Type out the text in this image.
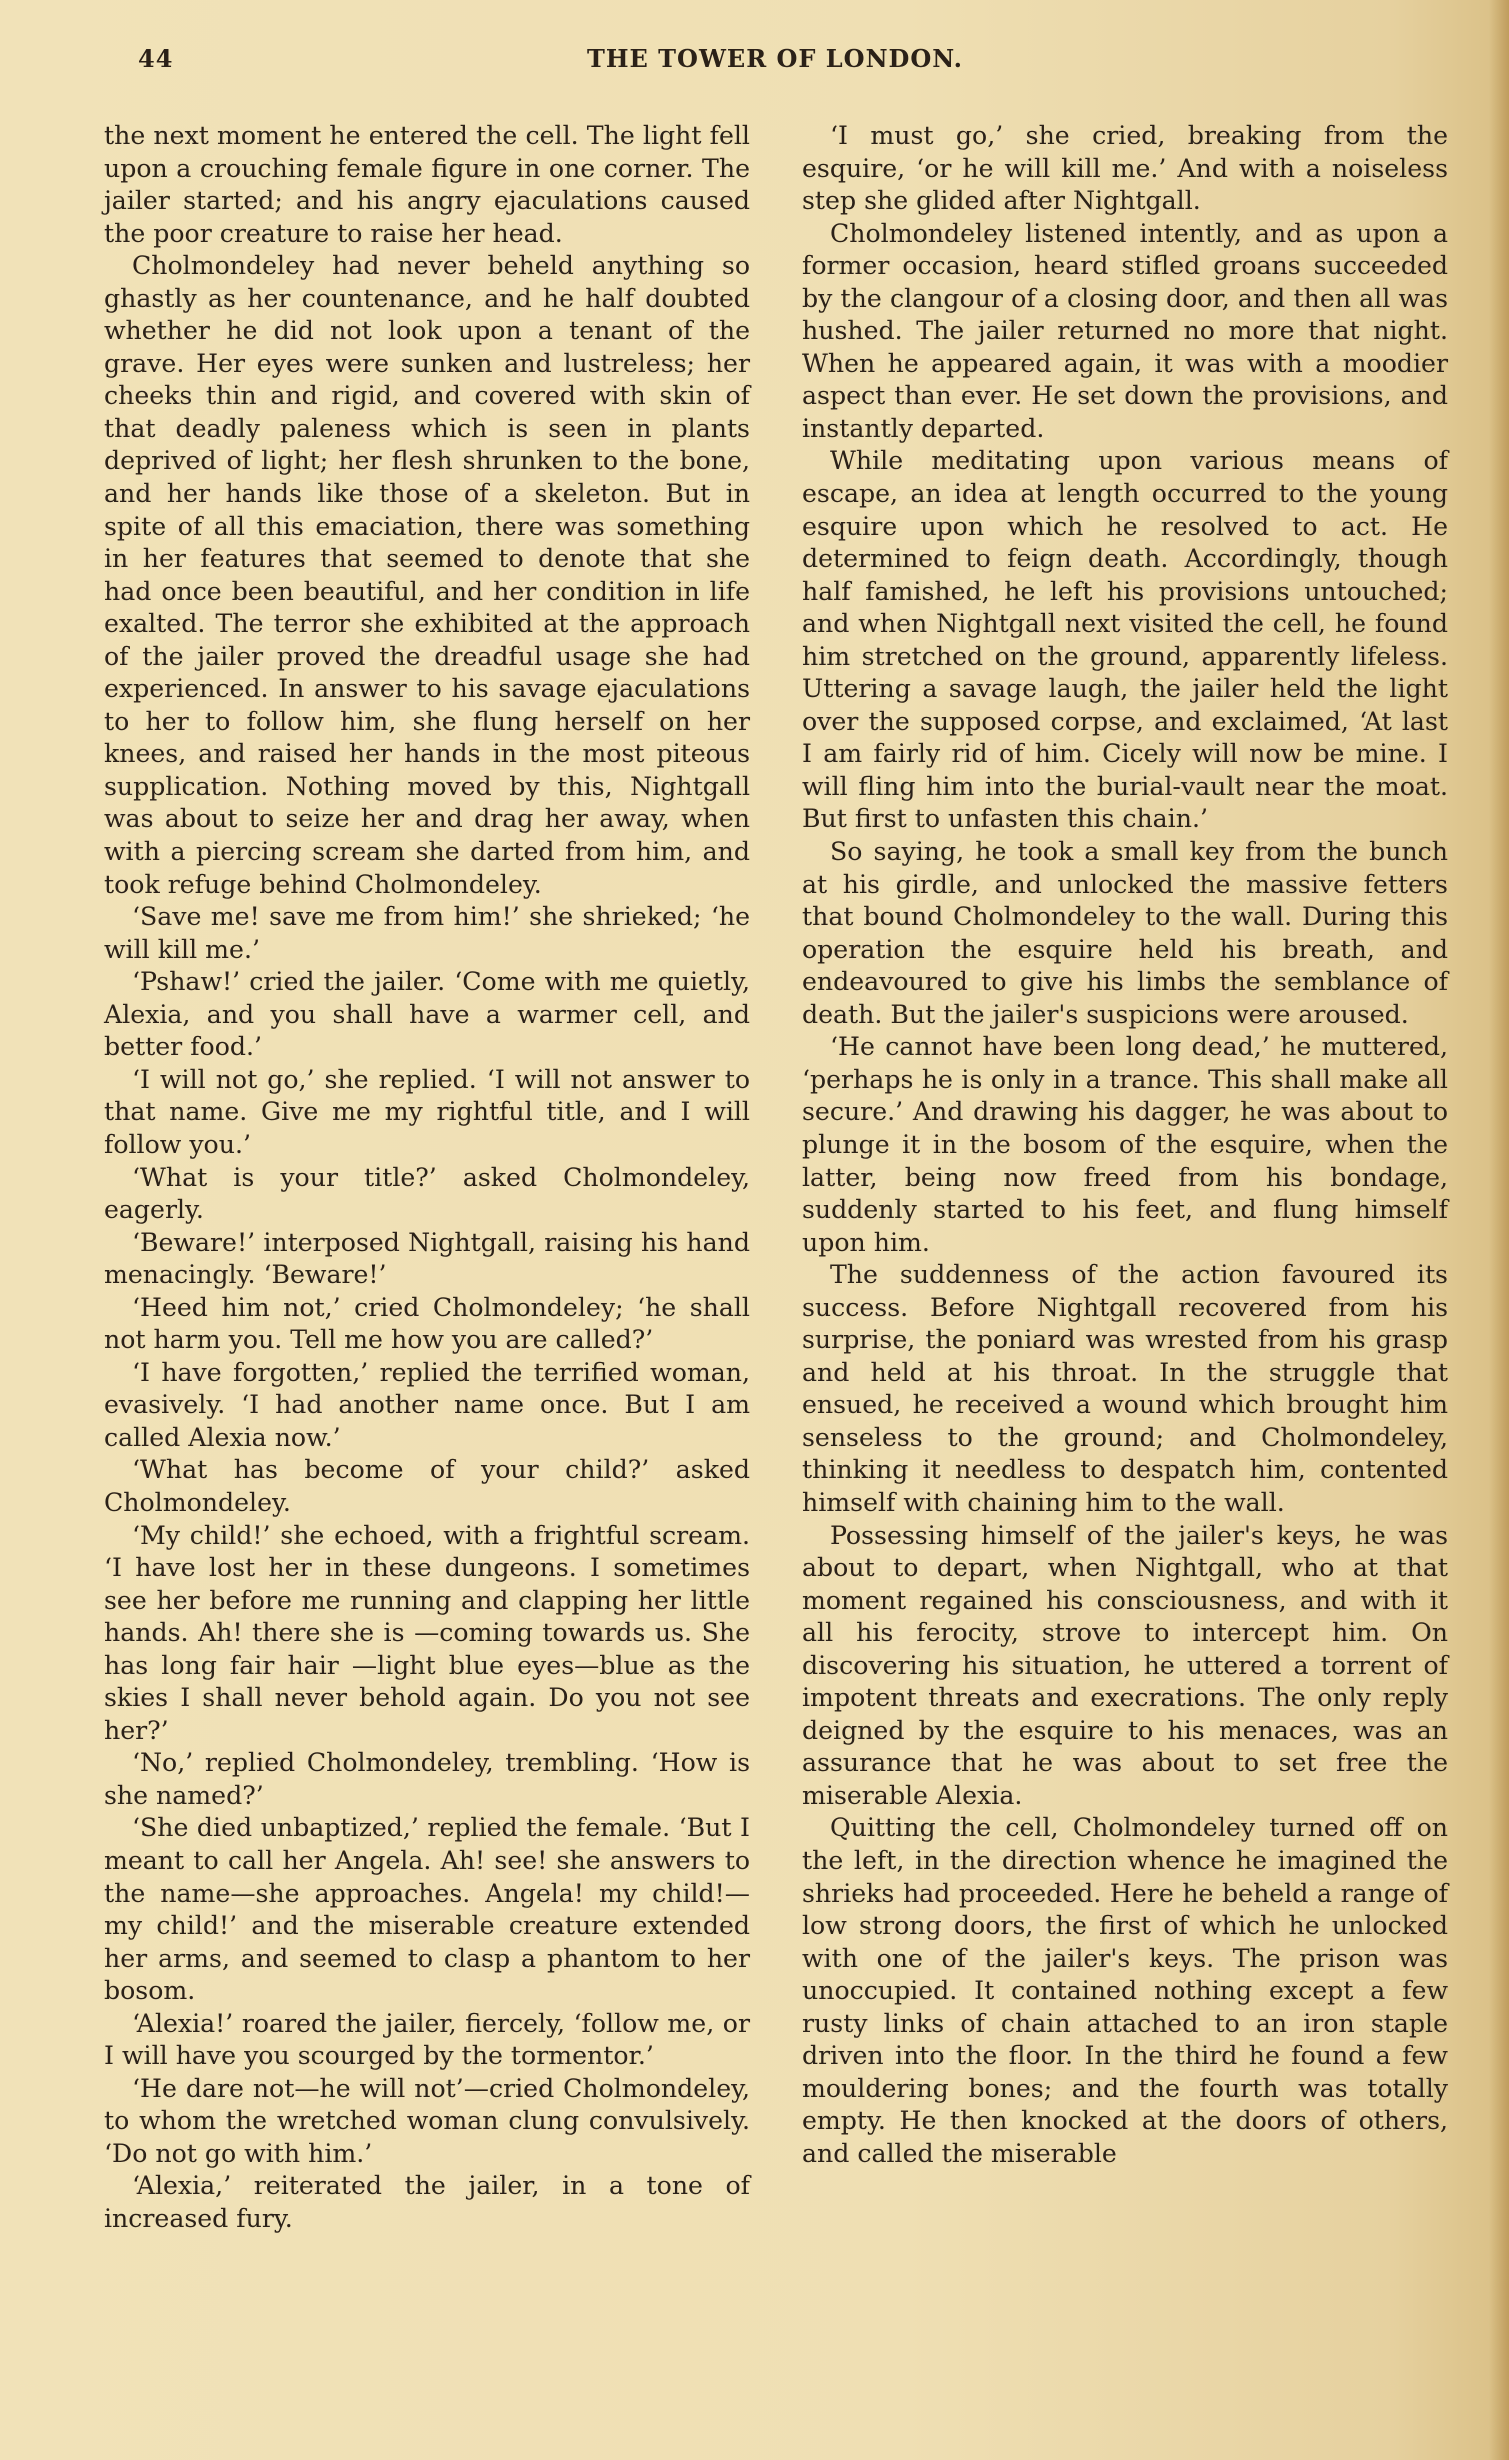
44	THE TOWER OF LONDON.

the next moment he entered the cell. The light fell upon a crouching female figure in one corner. The jailer started; and his angry ejaculations caused the poor creature to raise her head.

Cholmondeley had never beheld anything so ghastly as her countenance, and he half doubted whether he did not look upon a tenant of the grave. Her eyes were sunken and lustreless; her cheeks thin and rigid, and covered with skin of that deadly paleness which is seen in plants deprived of light; her flesh shrunken to the bone, and her hands like those of a skeleton. But in spite of all this emaciation, there was something in her features that seemed to denote that she had once been beautiful, and her condition in life exalted. The terror she exhibited at the approach of the jailer proved the dreadful usage she had experienced. In answer to his savage ejaculations to her to follow him, she flung herself on her knees, and raised her hands in the most piteous supplication. Nothing moved by this, Nightgall was about to seize her and drag her away, when with a piercing scream she darted from him, and took refuge behind Cholmondeley.

‘Save me! save me from him!’ she shrieked; ‘he will kill me.’

‘Pshaw!’ cried the jailer. ‘Come with me quietly, Alexia, and you shall have a warmer cell, and better food.’

‘I will not go,’ she replied. ‘I will not answer to that name. Give me my rightful title, and I will follow you.’

‘What is your title?’ asked Cholmondeley, eagerly.

‘Beware!’ interposed Nightgall, raising his hand menacingly. ‘Beware!’

‘Heed him not,’ cried Cholmondeley; ‘he shall not harm you. Tell me how you are called?’

‘I have forgotten,’ replied the terrified woman, evasively. ‘I had another name once. But I am called Alexia now.’

‘What has become of your child?’ asked Cholmondeley.

‘My child!’ she echoed, with a frightful scream. ‘I have lost her in these dungeons. I sometimes see her before me running and clapping her little hands. Ah! there she is —coming towards us. She has long fair hair —light blue eyes—blue as the skies I shall never behold again. Do you not see her?’

‘No,’ replied Cholmondeley, trembling. ‘How is she named?’

‘She died unbaptized,’ replied the female. ‘But I meant to call her Angela. Ah! see! she answers to the name—she approaches. Angela! my child!—my child!’ and the miserable creature extended her arms, and seemed to clasp a phantom to her bosom.

‘Alexia!’ roared the jailer, fiercely, ‘follow me, or I will have you scourged by the tormentor.’

‘He dare not—he will not’—cried Cholmondeley, to whom the wretched woman clung convulsively. ‘Do not go with him.’

‘Alexia,’ reiterated the jailer, in a tone of increased fury.

‘I must go,’ she cried, breaking from the esquire, ‘or he will kill me.’ And with a noiseless step she glided after Nightgall.

Cholmondeley listened intently, and as upon a former occasion, heard stifled groans succeeded by the clangour of a closing door, and then all was hushed. The jailer returned no more that night. When he appeared again, it was with a moodier aspect than ever. He set down the provisions, and instantly departed.

While meditating upon various means of escape, an idea at length occurred to the young esquire upon which he resolved to act. He determined to feign death. Accordingly, though half famished, he left his provisions untouched; and when Nightgall next visited the cell, he found him stretched on the ground, apparently lifeless. Uttering a savage laugh, the jailer held the light over the supposed corpse, and exclaimed, ‘At last I am fairly rid of him. Cicely will now be mine. I will fling him into the burial-vault near the moat. But first to unfasten this chain.’

So saying, he took a small key from the bunch at his girdle, and unlocked the massive fetters that bound Cholmondeley to the wall. During this operation the esquire held his breath, and endeavoured to give his limbs the semblance of death. But the jailer's suspicions were aroused.

‘He cannot have been long dead,’ he muttered, ‘perhaps he is only in a trance. This shall make all secure.’ And drawing his dagger, he was about to plunge it in the bosom of the esquire, when the latter, being now freed from his bondage, suddenly started to his feet, and flung himself upon him.

The suddenness of the action favoured its success. Before Nightgall recovered from his surprise, the poniard was wrested from his grasp and held at his throat. In the struggle that ensued, he received a wound which brought him senseless to the ground; and Cholmondeley, thinking it needless to despatch him, contented himself with chaining him to the wall.

Possessing himself of the jailer's keys, he was about to depart, when Nightgall, who at that moment regained his consciousness, and with it all his ferocity, strove to intercept him. On discovering his situation, he uttered a torrent of impotent threats and execrations. The only reply deigned by the esquire to his menaces, was an assurance that he was about to set free the miserable Alexia.

Quitting the cell, Cholmondeley turned off on the left, in the direction whence he imagined the shrieks had proceeded. Here he beheld a range of low strong doors, the first of which he unlocked with one of the jailer's keys. The prison was unoccupied. It contained nothing except a few rusty links of chain attached to an iron staple driven into the floor. In the third he found a few mouldering bones; and the fourth was totally empty. He then knocked at the doors of others, and called the miserable
